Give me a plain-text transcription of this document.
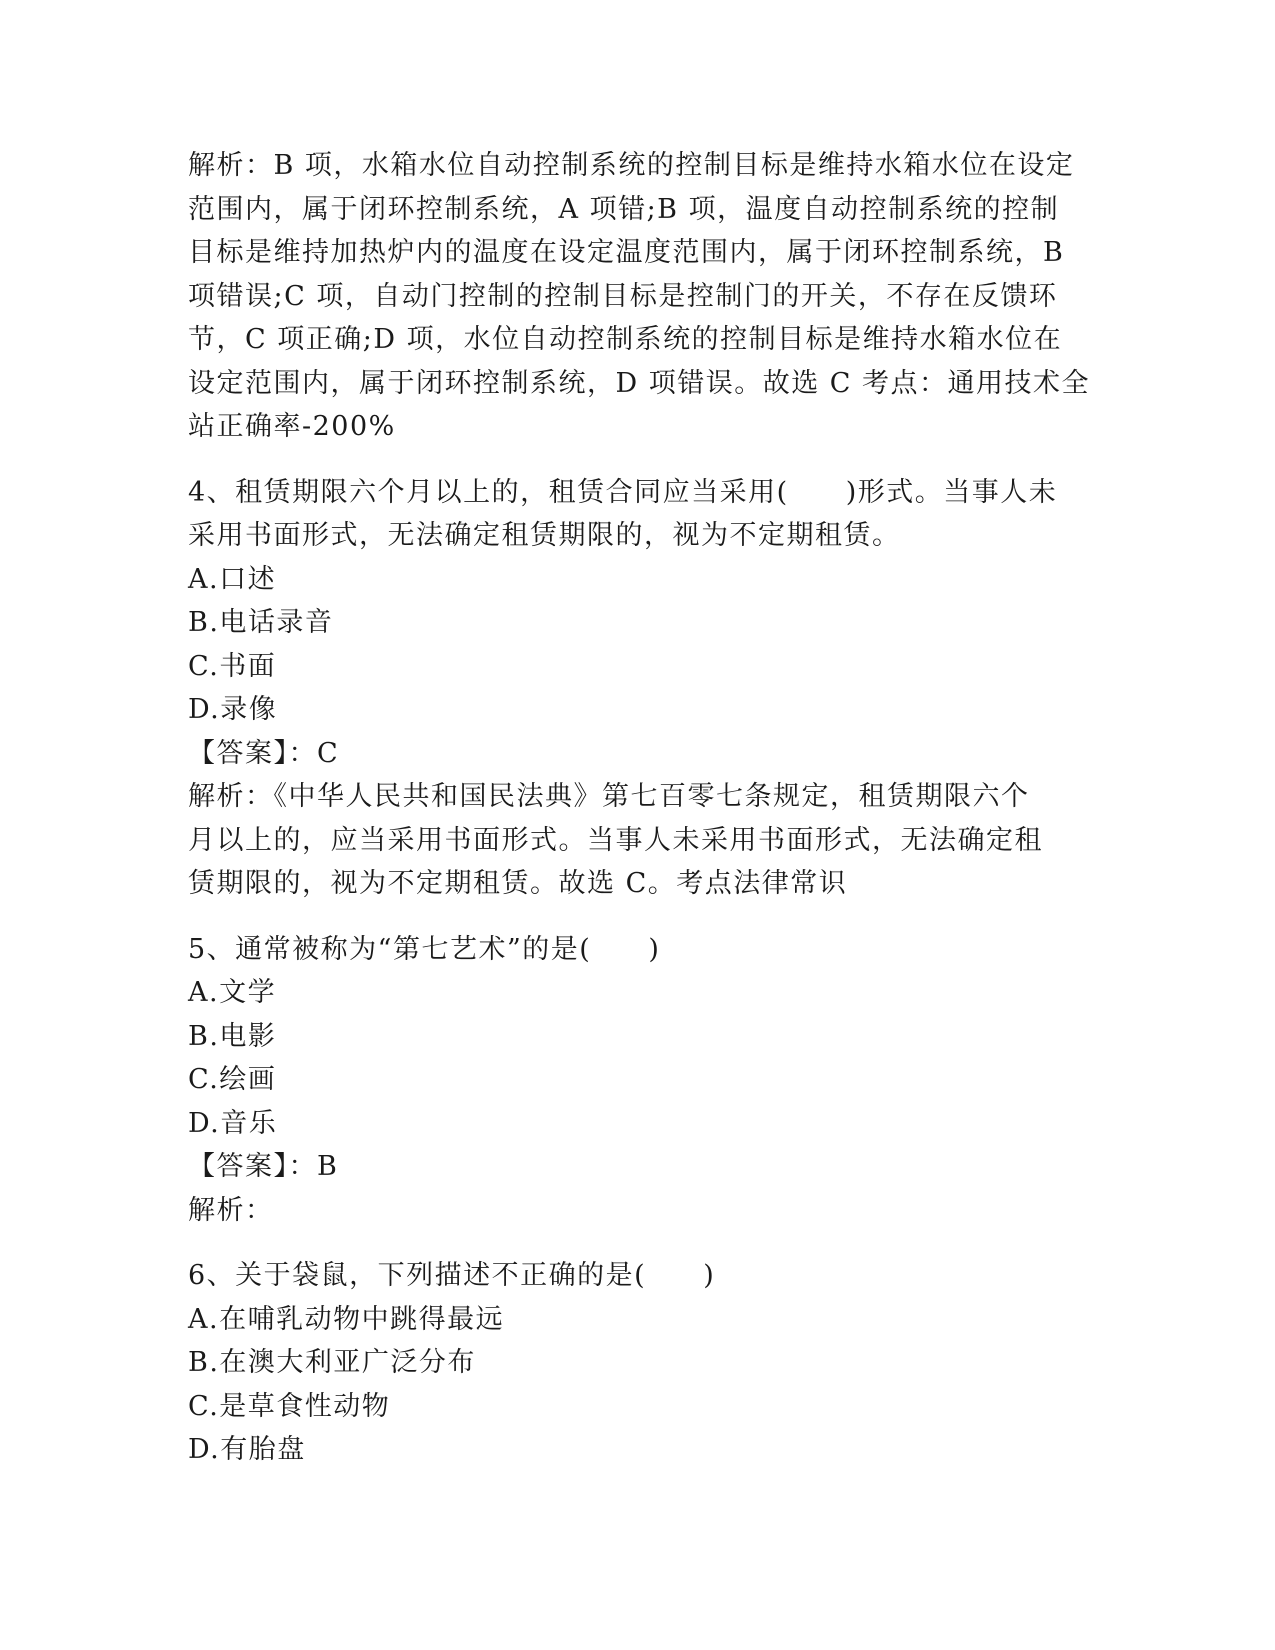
解析：B 项，水箱水位自动控制系统的控制目标是维持水箱水位在设定
范围内，属于闭环控制系统，A 项错;B 项，温度自动控制系统的控制
目标是维持加热炉内的温度在设定温度范围内，属于闭环控制系统，B
项错误;C 项，自动门控制的控制目标是控制门的开关，不存在反馈环
节，C 项正确;D 项，水位自动控制系统的控制目标是维持水箱水位在
设定范围内，属于闭环控制系统，D 项错误。故选 C 考点：通用技术全
站正确率-200%
4、租赁期限六个月以上的，租赁合同应当采用(　　)形式。当事人未
采用书面形式，无法确定租赁期限的，视为不定期租赁。
A.口述
B.电话录音
C.书面
D.录像
【答案】：C
解析：《中华人民共和国民法典》第七百零七条规定，租赁期限六个
月以上的，应当采用书面形式。当事人未采用书面形式，无法确定租
赁期限的，视为不定期租赁。故选 C。考点法律常识
5、通常被称为“第七艺术”的是(　　)
A.文学
B.电影
C.绘画
D.音乐
【答案】：B
解析：
6、关于袋鼠，下列描述不正确的是(　　)
A.在哺乳动物中跳得最远
B.在澳大利亚广泛分布
C.是草食性动物
D.有胎盘
